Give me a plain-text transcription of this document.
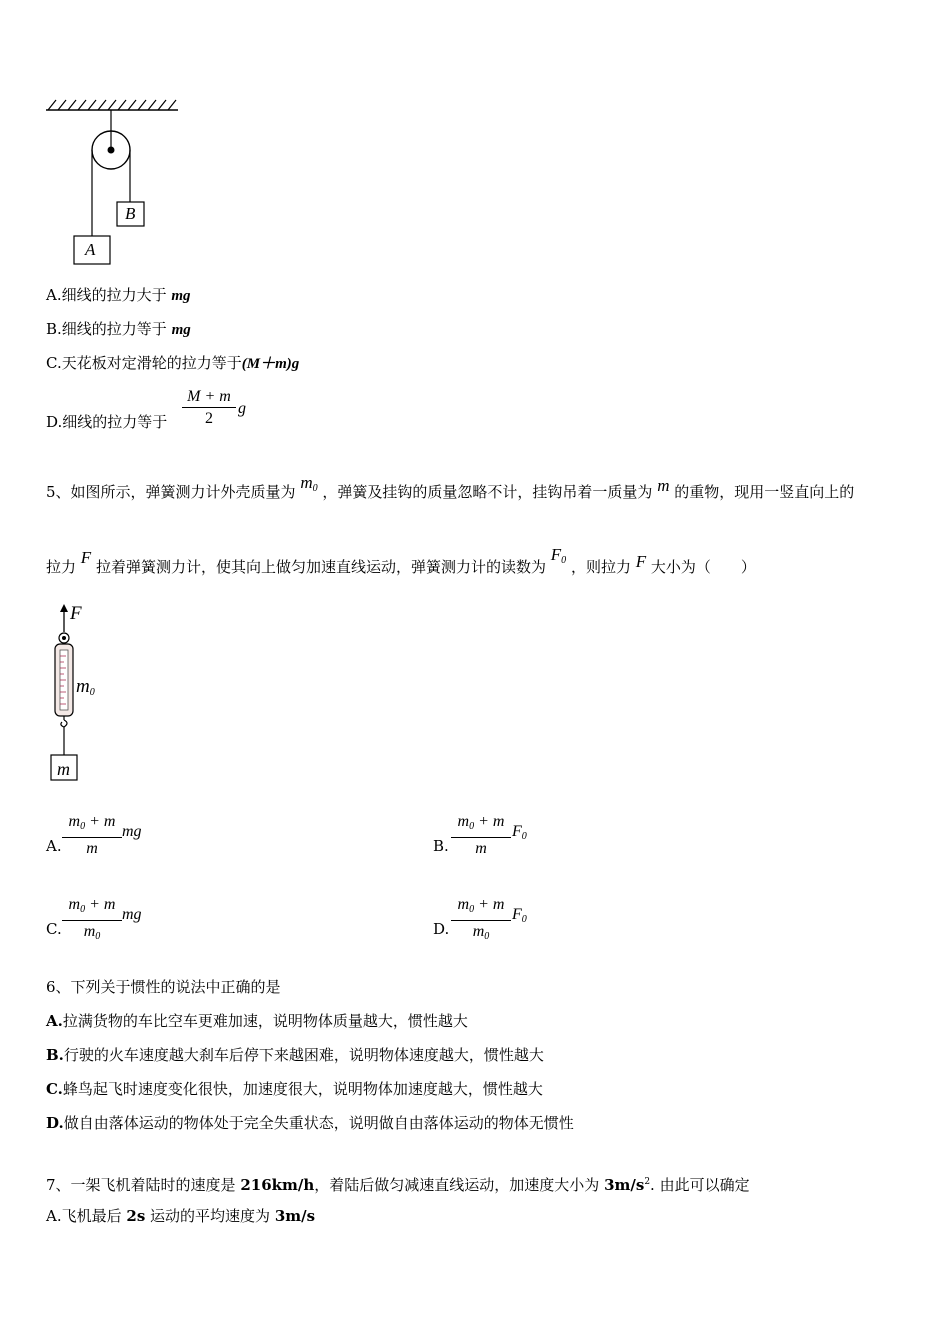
B
A
A.细线的拉力大于 mg
B.细线的拉力等于 mg
C.天花板对定滑轮的拉力等于(M＋m)g
D.细线的拉力等于
M + m
2
g
5、如图所示，弹簧测力计外壳质量为 $m_0$ ，弹簧及挂钩的质量忽略不计，挂钩吊着一质量为 m 的重物，现用一竖直向上的
拉力 F 拉着弹簧测力计，使其向上做匀加速直线运动，弹簧测力计的读数为 $F_0$ ，则拉力 F 大小为（　　）
F
$m_0$
m
A.
$m_0 + m$
m
mg
B.
$m_0 + m$
m
$F_0$
C.
$m_0 + m$
$m_0$
mg
D.
$m_0 + m$
$m_0$
$F_0$
6、下列关于惯性的说法中正确的是
A.拉满货物的车比空车更难加速，说明物体质量越大，惯性越大
B.行驶的火车速度越大刹车后停下来越困难，说明物体速度越大，惯性越大
C.蜂鸟起飞时速度变化很快，加速度很大，说明物体加速度越大，惯性越大
D.做自由落体运动的物体处于完全失重状态，说明做自由落体运动的物体无惯性
7、一架飞机着陆时的速度是 216km/h，着陆后做匀减速直线运动，加速度大小为 $3m/s^2$. 由此可以确定
A.飞机最后 2s 运动的平均速度为 3m/s
